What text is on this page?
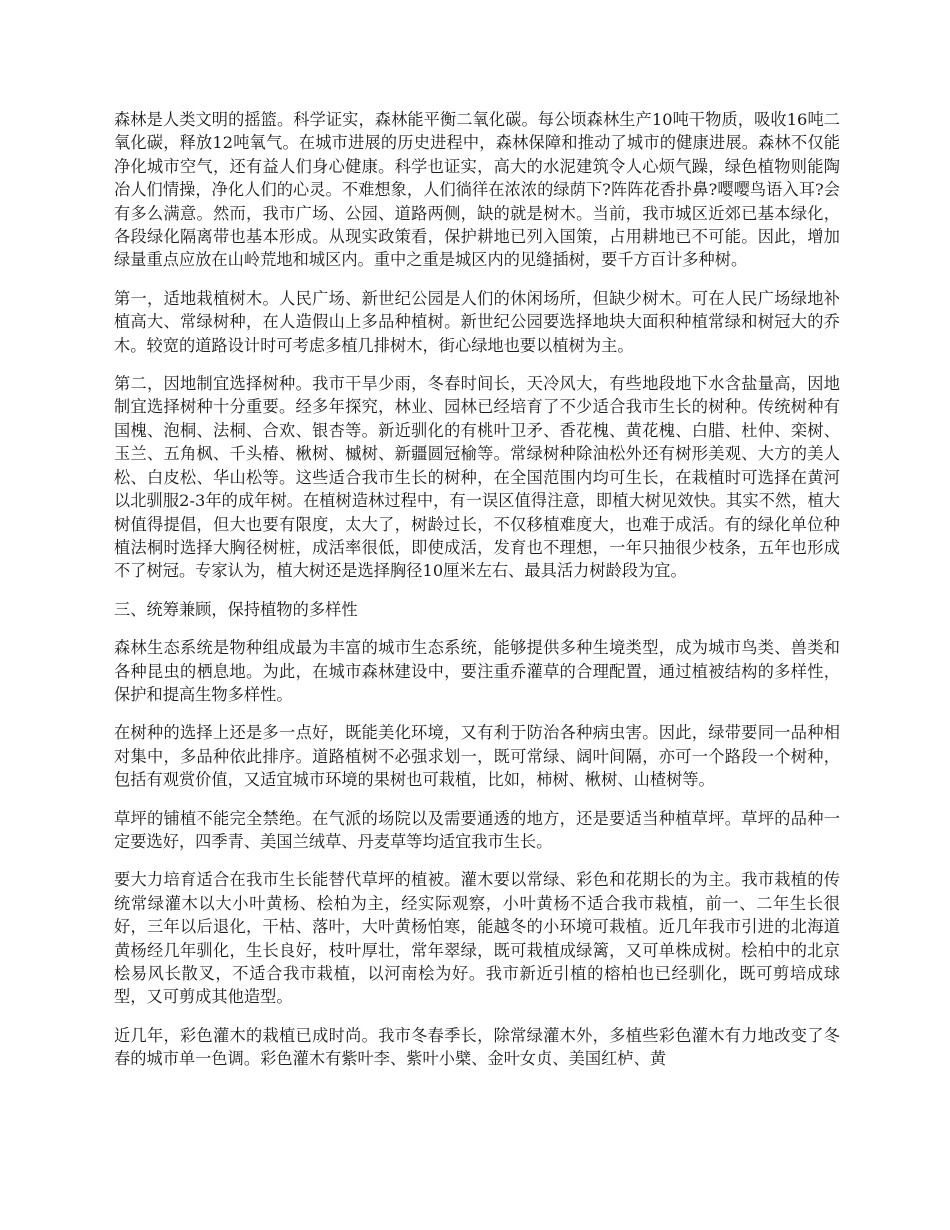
森林是人类文明的摇篮。科学证实，森林能平衡二氧化碳。每公顷森林生产10吨干物质，吸收16吨二氧化碳，释放12吨氧气。在城市进展的历史进程中，森林保障和推动了城市的健康进展。森林不仅能净化城市空气，还有益人们身心健康。科学也证实，高大的水泥建筑令人心烦气躁，绿色植物则能陶冶人们情操，净化人们的心灵。不难想象，人们徜徉在浓浓的绿荫下?阵阵花香扑鼻?嘤嘤鸟语入耳?会有多么满意。然而，我市广场、公园、道路两侧，缺的就是树木。当前，我市城区近郊已基本绿化，各段绿化隔离带也基本形成。从现实政策看，保护耕地已列入国策，占用耕地已不可能。因此，增加绿量重点应放在山岭荒地和城区内。重中之重是城区内的见缝插树，要千方百计多种树。

第一，适地栽植树木。人民广场、新世纪公园是人们的休闲场所，但缺少树木。可在人民广场绿地补植高大、常绿树种，在人造假山上多品种植树。新世纪公园要选择地块大面积种植常绿和树冠大的乔木。较宽的道路设计时可考虑多植几排树木，街心绿地也要以植树为主。

第二，因地制宜选择树种。我市干旱少雨，冬春时间长，天冷风大，有些地段地下水含盐量高，因地制宜选择树种十分重要。经多年探究，林业、园林已经培育了不少适合我市生长的树种。传统树种有国槐、泡桐、法桐、合欢、银杏等。新近驯化的有桃叶卫矛、香花槐、黄花槐、白腊、杜仲、栾树、玉兰、五角枫、千头椿、楸树、槭树、新疆圆冠榆等。常绿树种除油松外还有树形美观、大方的美人松、白皮松、华山松等。这些适合我市生长的树种，在全国范围内均可生长，在栽植时可选择在黄河以北驯服2-3年的成年树。在植树造林过程中，有一误区值得注意，即植大树见效快。其实不然，植大树值得提倡，但大也要有限度，太大了，树龄过长，不仅移植难度大，也难于成活。有的绿化单位种植法桐时选择大胸径树桩，成活率很低，即使成活，发育也不理想，一年只抽很少枝条，五年也形成不了树冠。专家认为，植大树还是选择胸径10厘米左右、最具活力树龄段为宜。

三、统筹兼顾，保持植物的多样性

森林生态系统是物种组成最为丰富的城市生态系统，能够提供多种生境类型，成为城市鸟类、兽类和各种昆虫的栖息地。为此，在城市森林建设中，要注重乔灌草的合理配置，通过植被结构的多样性，保护和提高生物多样性。

在树种的选择上还是多一点好，既能美化环境，又有利于防治各种病虫害。因此，绿带要同一品种相对集中，多品种依此排序。道路植树不必强求划一，既可常绿、阔叶间隔，亦可一个路段一个树种，包括有观赏价值，又适宜城市环境的果树也可栽植，比如，柿树、楸树、山楂树等。

草坪的铺植不能完全禁绝。在气派的场院以及需要通透的地方，还是要适当种植草坪。草坪的品种一定要选好，四季青、美国兰绒草、丹麦草等均适宜我市生长。

要大力培育适合在我市生长能替代草坪的植被。灌木要以常绿、彩色和花期长的为主。我市栽植的传统常绿灌木以大小叶黄杨、桧柏为主，经实际观察，小叶黄杨不适合我市栽植，前一、二年生长很好，三年以后退化，干枯、落叶，大叶黄杨怕寒，能越冬的小环境可栽植。近几年我市引进的北海道黄杨经几年驯化，生长良好，枝叶厚壮，常年翠绿，既可栽植成绿篱，又可单株成树。桧柏中的北京桧易风长散叉，不适合我市栽植，以河南桧为好。我市新近引植的榕柏也已经驯化，既可剪培成球型，又可剪成其他造型。

近几年，彩色灌木的栽植已成时尚。我市冬春季长，除常绿灌木外，多植些彩色灌木有力地改变了冬春的城市单一色调。彩色灌木有紫叶李、紫叶小檗、金叶女贞、美国红栌、黄
